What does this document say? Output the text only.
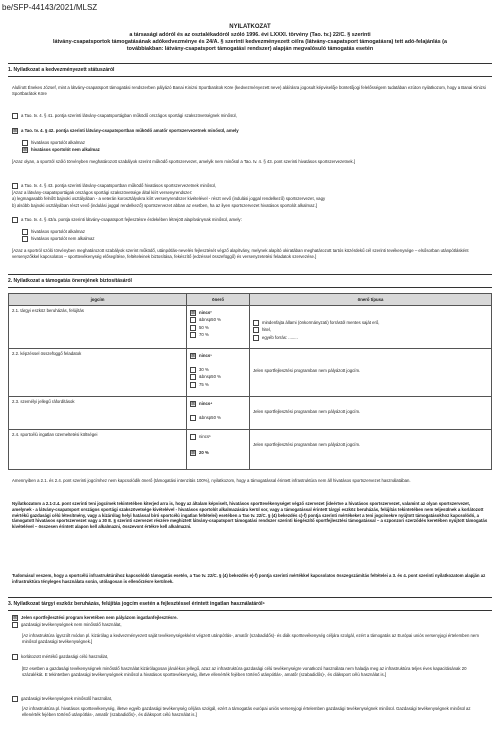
be/SFP-44143/2021/MLSZ
NYILATKOZAT
a társasági adóról és az osztalékadóról szóló 1996. évi LXXXI. törvény (Tao. tv.) 22/C. § szerinti
látvány-csapatsportok támogatásának adókedvezménye és 24/A. § szerinti kedvezményezett célra (látvány-csapatsport támogatásra) tett adó-felajánlás (a
továbbiakban: látvány-csapatsport támogatási rendszer) alapján megvalósuló támogatás esetén
1. Nyilatkozat a kedvezményezett státuszáról
Alulírott Énekes József, mint a látvány-csapatsport támogatási rendszerben pályázó Banai Kinizsi Sportbarátok Köre (kedvezményezett neve) aláírásra jogosult képviselője büntetőjogi felelősségem tudatában ezúton nyilatkozom, hogy a Banai Kinizsi Sportbarátok Köre
a Tao. tv. 4. § 41. pontja szerinti látvány-csapatsportágban működő országos sportági szakszövetségnek minősül,
☒ a Tao. tv. 4. § 42. pontja szerinti látvány-csapatsportban működő amatőr sportszervezetnek minősül, amely
hivatásos sportolót alkalmaz
☒ hivatásos sportolót nem alkalmaz
[Azaz olyan, a sportról szóló törvényben meghatározott szabályok szerint működő sportszervezet, amelyik nem minősül a Tao. tv. 4. § 43. pont szerinti hivatásos sportszervezetnek.]
a Tao. tv. 4. § 43. pontja szerinti látvány-csapatsportban működő hivatásos sportszervezetnek minősül,
[Azaz a látvány-csapatsportágak országos sportági szakszövetsége által kiírt versenyrendszer:
a) legmagasabb felnőtt bajnoki osztályában - a veterán korosztályokra kiírt versenyrendszer kivételével - részt vevő (indulási joggal rendelkező) sportszervezet, vagy
b) alsóbb bajnoki osztályában részt vevő (indulási joggal rendelkező) sportszervezet abban az esetben, ha az ilyen sportszervezet hivatásos sportolót alkalmaz.]
a Tao. tv. 4. § 43/a. pontja szerinti látvány-csapatsport fejlesztésre érdekében létrejött alapítványnak minősül, amely:
hivatásos sportolót alkalmaz
hivatásos sportolót nem alkalmaz
[Azaz a sportról szóló törvényben meghatározott szabályok szerint működő, utánpótlás-nevelés fejlesztését végző alapítvány, melynek alapító okiratában meghatározott tartós közérdekű cél szerinti tevékenysége – elsősorban utánpótlásként versenyzőkkel kapcsolatos – sporttevékenység elősegítése, feltételeinek biztosítása, fekészítő (edzéssel összefüggő) és versenyzetetési feladatok szervezése.]
2. Nyilatkozat a támogatás önerejének biztosításáról
jogcím	önerő	önerő típusa
2.1. tárgyi eszköz beruházás, felújítás	☒ nincs²
&bnsp50 %
50 %
70 %	mindenfajta állami (önkormányzati) forrástól mentes saját erő,
hitel,
egyéb forrás: ........

2.2. képzéssel összefüggő feladatok	☒ nincs³
30 %
&bnsp50 %
75 %	Jelen sportfejlesztési programban nem pályázott jogcím.
2.3. személyi jellegű ráfordítások	☒ nincs⁴
&bnsp50 %	Jelen sportfejlesztési programban nem pályázott jogcím.
2.4. sportcélú ingatlan üzemeltetési költségei	nincs⁵
☒ 20 %	Jelen sportfejlesztési programban nem pályázott jogcím.
Amennyiben a 2.1. és 2.4. pont szerinti jogcímhez nem kapcsolódik önerő (támogatási intenzitás 100%), nyilatkozom, hogy a támogatással érintett infrastruktúra nem áll hivatásos sportszervezet használatában.
Nyilatkozatom a 2.1-2.4. pont szerinti teni jogcímek tekintetében kiterjed arra is, hogy az általam képviselt, hivatásos sporttevékenységet végző szervezet (ideértve a hivatásos sportszervezet, valamint az olyan sportszervezet, amelynek - a látvány-csapatsport országos sportági szakszövetsége kivételével - hivatásos sportolót alkalmazására kerül sor, vagy a támogatással érintett tárgyi eszköz beruházás, felújítás tekintetében nem teljesülnek a korlátozott mértékű gazdasági célú létesítmény, vagy a kizárólag helyi hatással bíró sportcélú ingatlan feltételei) esetében a Tao tv. 22/C. § (4) bekezdés c)-f) pontja szerinti mértékeket a teni jogcímekre nyújtott támogatásokhoz kapcsolódó, a támogatott hivatásos sportszervezet vagy a 30 E. § szerinti szervezet részére meghiztett látvány-csapatsport támogatási rendszer szerinti kiegészítő sportfejlesztési támogatással – a szponzori szerződés keretében nyújtott támogatás kivételével – összesen érintett alapon kell alkalmazni, összevont értékre kell alkalmazni.
Tudomásul veszem, hogy a sportcélú infrastruktúrához kapcsolódó támogatás esetén, a Tao tv. 22/C. § (4) bekezdés e)-f) pontja szerinti mértékkel kapcsolatos összegszámítás feltételei a 3. és 4. pont szerinti nyilatkozatom alapján az infrastruktúra tényleges használata során, utólagosan is ellenőrzésre kerülnek.
3. Nyilatkozat tárgyi eszköz beruházás, felújítás jogcím esetén a fejlesztéssel érintett ingatlan használatáról⁶
☒ Jelen sportfejlesztési program keretében nem pályázom ingatlanfejlesztésre.
gazdasági tevékenységnek nem minősülő használat,
[Az infrastruktúra ígyszólt módon pl. kizárólag a kedvezményezett saját tevékenységekként végzett utánpótlás-, amatőr (szabadidős)- és diák sporttevékenység céljára szolgál, ezért a támogatás az Európai uniós versenyjogi értelemben nem minősül gazdasági tevékenységnek.]
korlátozott mértékű gazdasági célú használat,
[Ez esetben a gazdasági tevékenységnek minősülő használat kizárólagosan járulékos jellegű, azaz az infrastruktúra gazdasági célú tevékenységre vonatkozó használata nem haladja meg az infrastruktúra teljes éves kapacitásának 20 százalékát. E tekintetben gazdasági tevékenységnek minősül a hivatásos sporttevékenység, illetve ellenérték fejében történő utánpótlás-, amatőr (szabadidős)-, és diáksport célú használat is.]
gazdasági tevékenységnek minősülő használat,
[Az infrastruktúra pl. hivatásos sporttevékenység, illetve egyéb gazdasági tevékenység céljára szolgál, ezért a támogatás európai uniós versenyjogi értelemben gazdasági tevékenységnek minősül. Gazdasági tevékenységnek minősül az ellenérték fejében történő utánpótlás-, amatőr (szabadidős)-, és diáksport célú használat is.]
